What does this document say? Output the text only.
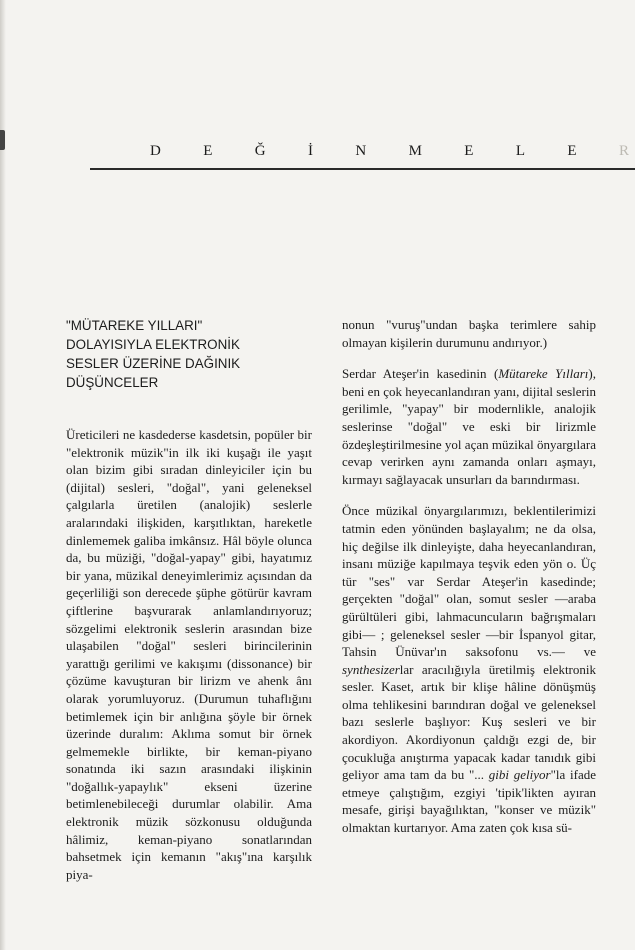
D	E	Ğ	İ	N	M	E	L	E	R
"MÜTAREKE YILLARI"
DOLAYISIYLA ELEKTRONİK
SESLER ÜZERİNE DAĞINIK
DÜŞÜNCELER

Üreticileri ne kasdederse kasdetsin, popüler bir "elektronik müzik"in ilk iki kuşağı ile yaşıt olan bizim gibi sıradan dinleyiciler için bu (dijital) sesleri, "doğal", yani geleneksel çalgılarla üretilen (analojik) seslerle aralarındaki ilişkiden, karşıtlıktan, hareketle dinlememek galiba imkânsız. Hâl böyle olunca da, bu müziği, "doğal-yapay" gibi, hayatımız bir yana, müzikal deneyimlerimiz açısından da geçerliliği son derecede şüphe götürür kavram çiftlerine başvurarak anlamlandırıyoruz; sözgelimi elektronik seslerin arasından bize ulaşabilen "doğal" sesleri birincilerinin yarattığı gerilimi ve kakışımı (dissonance) bir çözüme kavuşturan bir lirizm ve ahenk ânı olarak yorumluyoruz. (Durumun tuhaflığını betimlemek için bir anlığına şöyle bir örnek üzerinde duralım: Aklıma somut bir örnek gelmemekle birlikte, bir keman-piyano sonatında iki sazın arasındaki ilişkinin "doğallık-yapaylık" ekseni üzerine betimlenebileceği durumlar olabilir. Ama elektronik müzik sözkonusu olduğunda hâlimiz, keman-piyano sonatlarından bahsetmek için kemanın "akış"ına karşılık piya-

nonun "vuruş"undan başka terimlere sahip olmayan kişilerin durumunu andırıyor.)

Serdar Ateşer'in kasedinin (Mütareke Yılları), beni en çok heyecanlandıran yanı, dijital seslerin gerilimle, "yapay" bir modernlikle, analojik seslerinse "doğal" ve eski bir lirizmle özdeşleştirilmesine yol açan müzikal önyargılara cevap verirken aynı zamanda onları aşmayı, kırmayı sağlayacak unsurları da barındırması.

Önce müzikal önyargılarımızı, beklentilerimizi tatmin eden yönünden başlayalım; ne da olsa, hiç değilse ilk dinleyişte, daha heyecanlandıran, insanı müziğe kapılmaya teşvik eden yön o. Üç tür "ses" var Serdar Ateşer'in kasedinde; gerçekten "doğal" olan, somut sesler —araba gürültüleri gibi, lahmacuncuların bağrışmaları gibi— ; geleneksel sesler —bir İspanyol gitar, Tahsin Ünüvar'ın saksofonu vs.— ve synthesizerlar aracılığıyla üretilmiş elektronik sesler. Kaset, artık bir klişe hâline dönüşmüş olma tehlikesini barındıran doğal ve geleneksel bazı seslerle başlıyor: Kuş sesleri ve bir akordiyon. Akordiyonun çaldığı ezgi de, bir çocukluğa anıştırma yapacak kadar tanıdık gibi geliyor ama tam da bu "... gibi geliyor"la ifade etmeye çalıştığım, ezgiyi 'tipik'likten ayıran mesafe, girişi bayağılıktan, "konser ve müzik" olmaktan kurtarıyor. Ama zaten çok kısa sü-
